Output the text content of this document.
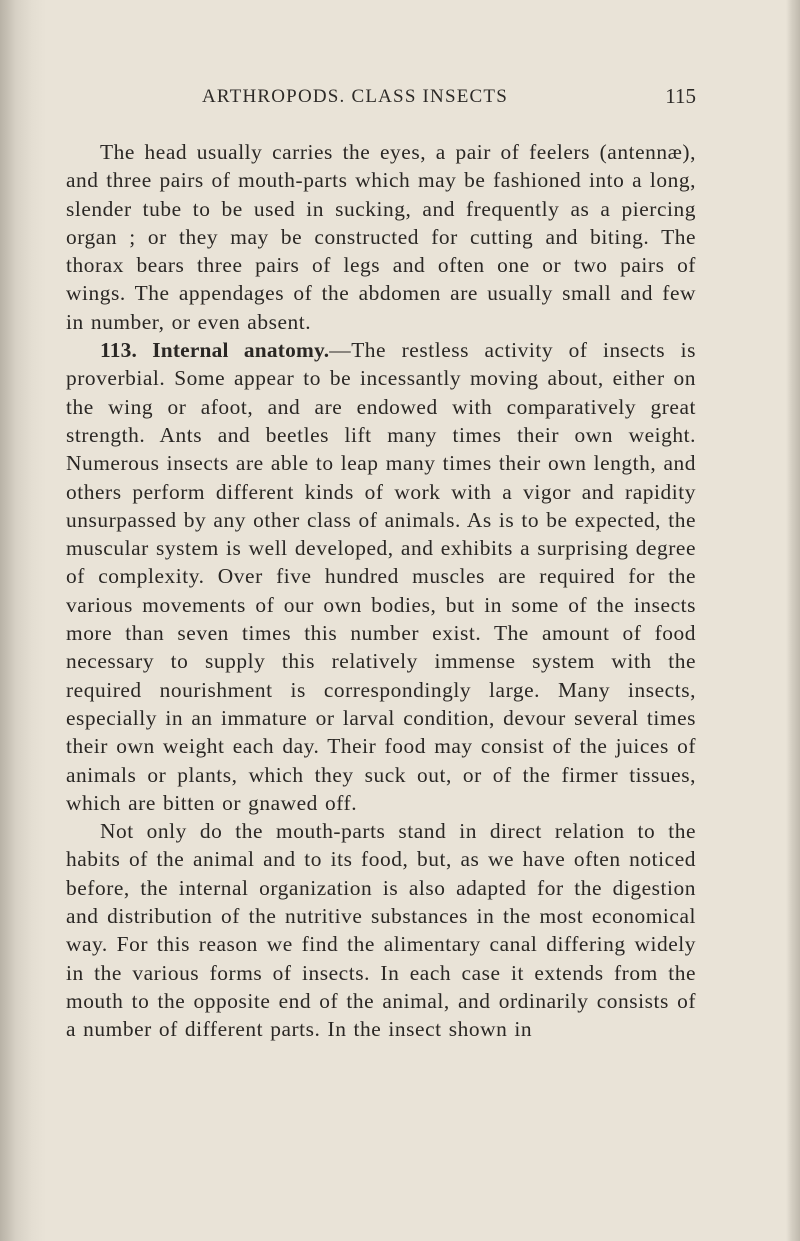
ARTHROPODS. CLASS INSECTS	115

The head usually carries the eyes, a pair of feelers (antennæ), and three pairs of mouth-parts which may be fashioned into a long, slender tube to be used in sucking, and frequently as a piercing organ ; or they may be constructed for cutting and biting. The thorax bears three pairs of legs and often one or two pairs of wings. The appendages of the abdomen are usually small and few in number, or even absent.

113. Internal anatomy.—The restless activity of insects is proverbial. Some appear to be incessantly moving about, either on the wing or afoot, and are endowed with comparatively great strength. Ants and beetles lift many times their own weight. Numerous insects are able to leap many times their own length, and others perform different kinds of work with a vigor and rapidity unsurpassed by any other class of animals. As is to be expected, the muscular system is well developed, and exhibits a surprising degree of complexity. Over five hundred muscles are required for the various movements of our own bodies, but in some of the insects more than seven times this number exist. The amount of food necessary to supply this relatively immense system with the required nourishment is correspondingly large. Many insects, especially in an immature or larval condition, devour several times their own weight each day. Their food may consist of the juices of animals or plants, which they suck out, or of the firmer tissues, which are bitten or gnawed off.

Not only do the mouth-parts stand in direct relation to the habits of the animal and to its food, but, as we have often noticed before, the internal organization is also adapted for the digestion and distribution of the nutritive substances in the most economical way. For this reason we find the alimentary canal differing widely in the various forms of insects. In each case it extends from the mouth to the opposite end of the animal, and ordinarily consists of a number of different parts. In the insect shown in
